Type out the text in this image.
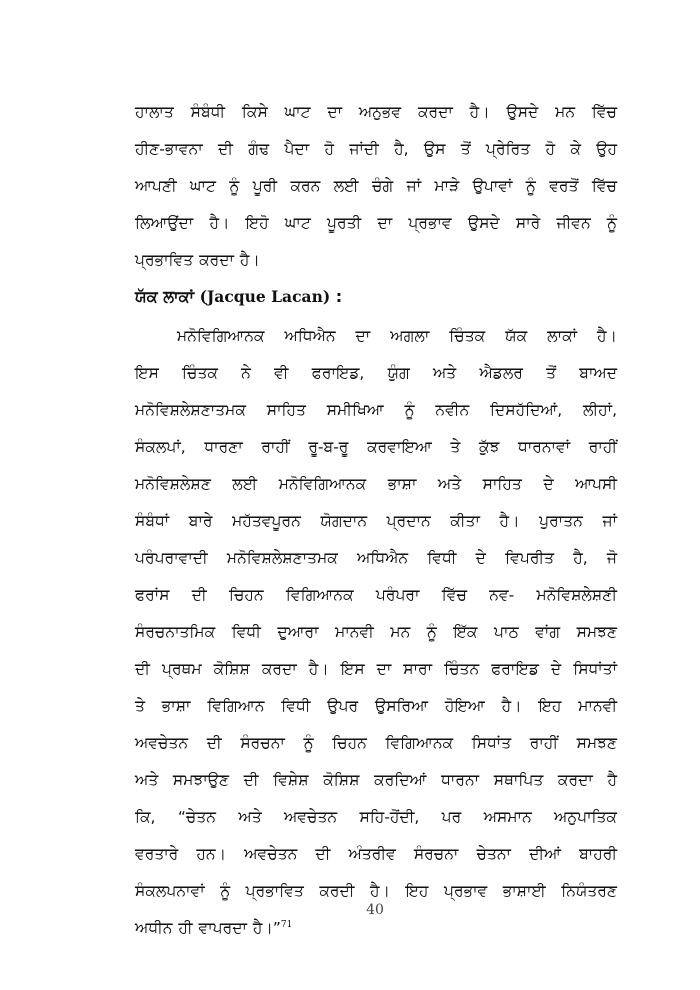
ਹਾਲਾਤ ਸੰਬੰਧੀ ਕਿਸੇ ਘਾਟ ਦਾ ਅਨੁਭਵ ਕਰਦਾ ਹੈ। ਉਸਦੇ ਮਨ ਵਿੱਚ
ਹੀਣ-ਭਾਵਨਾ ਦੀ ਗੰਢ ਪੈਦਾ ਹੋ ਜਾਂਦੀ ਹੈ, ਉਸ ਤੋਂ ਪ੍ਰੇਰਿਤ ਹੋ ਕੇ ਉਹ
ਆਪਣੀ ਘਾਟ ਨੂੰ ਪੂਰੀ ਕਰਨ ਲਈ ਚੰਗੇ ਜਾਂ ਮਾੜੇ ਉਪਾਵਾਂ ਨੂੰ ਵਰਤੋਂ ਵਿੱਚ
ਲਿਆਉਂਦਾ ਹੈ। ਇਹੋ ਘਾਟ ਪੂਰਤੀ ਦਾ ਪ੍ਰਭਾਵ ਉਸਦੇ ਸਾਰੇ ਜੀਵਨ ਨੂੰ
ਪ੍ਰਭਾਵਿਤ ਕਰਦਾ ਹੈ।
ਯੱਕ ਲਾਕਾਂ (Jacque Lacan) :
ਮਨੋਵਿਗਿਆਨਕ ਅਧਿਐਨ ਦਾ ਅਗਲਾ ਚਿੰਤਕ ਯੱਕ ਲਾਕਾਂ ਹੈ।
ਇਸ ਚਿੰਤਕ ਨੇ ਵੀ ਫਰਾਇਡ, ਯੁੰਗ ਅਤੇ ਐਡਲਰ ਤੋਂ ਬਾਅਦ
ਮਨੋਵਿਸ਼ਲੇਸ਼ਣਾਤਮਕ ਸਾਹਿਤ ਸਮੀਖਿਆ ਨੂੰ ਨਵੀਨ ਦਿਸਹੱਦਿਆਂ, ਲੀਹਾਂ,
ਸੰਕਲਪਾਂ, ਧਾਰਣਾ ਰਾਹੀਂ ਰੂ-ਬ-ਰੂ ਕਰਵਾਇਆ ਤੇ ਕੁੱਝ ਧਾਰਨਾਵਾਂ ਰਾਹੀਂ
ਮਨੋਵਿਸ਼ਲੇਸ਼ਣ ਲਈ ਮਨੋਵਿਗਿਆਨਕ ਭਾਸ਼ਾ ਅਤੇ ਸਾਹਿਤ ਦੇ ਆਪਸੀ
ਸੰਬੰਧਾਂ ਬਾਰੇ ਮਹੱਤਵਪੂਰਨ ਯੋਗਦਾਨ ਪ੍ਰਦਾਨ ਕੀਤਾ ਹੈ। ਪੁਰਾਤਨ ਜਾਂ
ਪਰੰਪਰਾਵਾਦੀ ਮਨੋਵਿਸ਼ਲੇਸ਼ਣਾਤਮਕ ਅਧਿਐਨ ਵਿਧੀ ਦੇ ਵਿਪਰੀਤ ਹੈ, ਜੋ
ਫਰਾਂਸ ਦੀ ਚਿਹਨ ਵਿਗਿਆਨਕ ਪਰੰਪਰਾ ਵਿੱਚ ਨਵ- ਮਨੋਵਿਸ਼ਲੇਸ਼ਣੀ
ਸੰਰਚਨਾਤਮਿਕ ਵਿਧੀ ਦੁਆਰਾ ਮਾਨਵੀ ਮਨ ਨੂੰ ਇੱਕ ਪਾਠ ਵਾਂਗ ਸਮਝਣ
ਦੀ ਪ੍ਰਥਮ ਕੋਸ਼ਿਸ਼ ਕਰਦਾ ਹੈ। ਇਸ ਦਾ ਸਾਰਾ ਚਿੰਤਨ ਫਰਾਇਡ ਦੇ ਸਿਧਾਂਤਾਂ
ਤੇ ਭਾਸ਼ਾ ਵਿਗਿਆਨ ਵਿਧੀ ਉਪਰ ਉਸਰਿਆ ਹੋਇਆ ਹੈ। ਇਹ ਮਾਨਵੀ
ਅਵਚੇਤਨ ਦੀ ਸੰਰਚਨਾ ਨੂੰ ਚਿਹਨ ਵਿਗਿਆਨਕ ਸਿਧਾਂਤ ਰਾਹੀਂ ਸਮਝਣ
ਅਤੇ ਸਮਝਾਉਣ ਦੀ ਵਿਸ਼ੇਸ਼ ਕੋਸ਼ਿਸ਼ ਕਰਦਿਆਂ ਧਾਰਨਾ ਸਥਾਪਿਤ ਕਰਦਾ ਹੈ
ਕਿ, “ਚੇਤਨ ਅਤੇ ਅਵਚੇਤਨ ਸਹਿ-ਹੋਂਦੀ, ਪਰ ਅਸਮਾਨ ਅਨੁਪਾਤਿਕ
ਵਰਤਾਰੇ ਹਨ। ਅਵਚੇਤਨ ਦੀ ਅੰਤਰੀਵ ਸੰਰਚਨਾ ਚੇਤਨਾ ਦੀਆਂ ਬਾਹਰੀ
ਸੰਕਲਪਨਾਵਾਂ ਨੂੰ ਪ੍ਰਭਾਵਿਤ ਕਰਦੀ ਹੈ। ਇਹ ਪ੍ਰਭਾਵ ਭਾਸ਼ਾਈ ਨਿਯੰਤਰਣ
ਅਧੀਨ ਹੀ ਵਾਪਰਦਾ ਹੈ।”$^{71}$
40
